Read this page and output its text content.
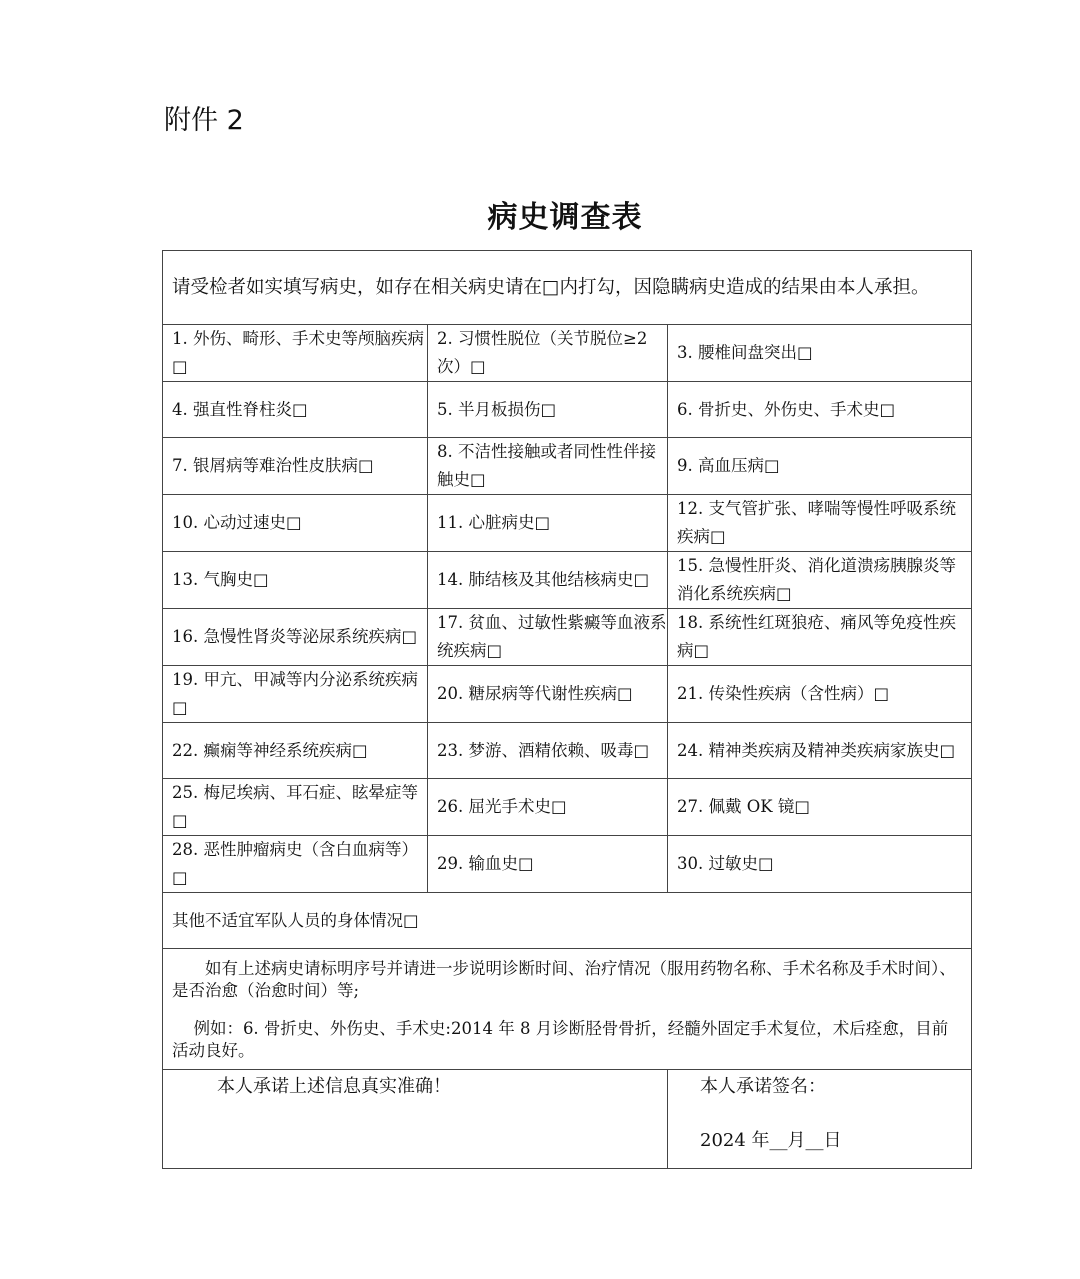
附件 2
病史调查表
请受检者如实填写病史，如存在相关病史请在□内打勾，因隐瞒病史造成的结果由本人承担。		
1. 外伤、畸形、手术史等颅脑疾病□	2. 习惯性脱位（关节脱位≥2 次）□	3. 腰椎间盘突出□
4. 强直性脊柱炎□	5. 半月板损伤□	6. 骨折史、外伤史、手术史□
7. 银屑病等难治性皮肤病□	8. 不洁性接触或者同性性伴接触史□	9. 高血压病□
10. 心动过速史□	11. 心脏病史□	12. 支气管扩张、哮喘等慢性呼吸系统疾病□
13. 气胸史□	14. 肺结核及其他结核病史□	15. 急慢性肝炎、消化道溃疡胰腺炎等消化系统疾病□
16. 急慢性肾炎等泌尿系统疾病□	17. 贫血、过敏性紫癜等血液系统疾病□	18. 系统性红斑狼疮、痛风等免疫性疾病□
19. 甲亢、甲减等内分泌系统疾病□	20. 糖尿病等代谢性疾病□	21. 传染性疾病（含性病）□
22. 癫痫等神经系统疾病□	23. 梦游、酒精依赖、吸毒□	24. 精神类疾病及精神类疾病家族史□
25. 梅尼埃病、耳石症、眩晕症等□	26. 屈光手术史□	27. 佩戴 OK 镜□
28. 恶性肿瘤病史（含白血病等）□	29. 输血史□	30. 过敏史□
其他不适宜军队人员的身体情况□		

如有上述病史请标明序号并请进一步说明诊断时间、治疗情况（服用药物名称、手术名称及手术时间）、是否治愈（治愈时间）等;

例如：6. 骨折史、外伤史、手术史:2014 年 8 月诊断胫骨骨折，经髓外固定手术复位，术后痊愈，目前活动良好。		

本人承诺上述信息真实准确！		本人承诺签名：
2024 年__月__日
